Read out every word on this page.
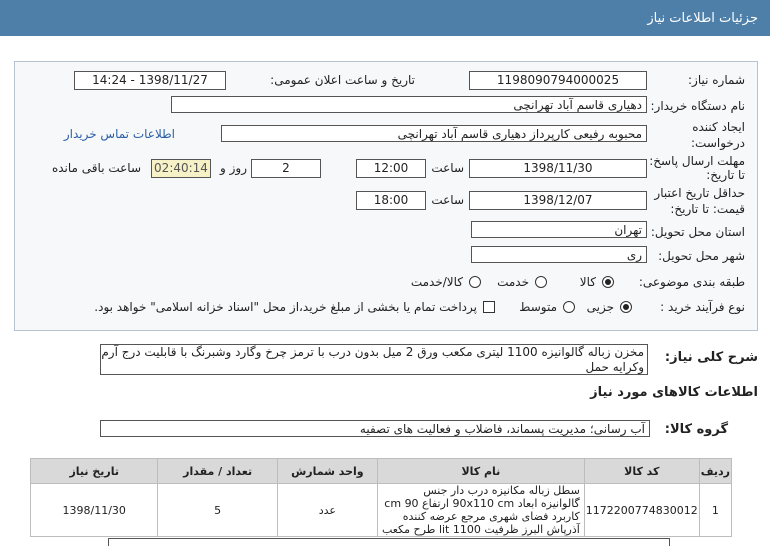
جزئیات اطلاعات نیاز
شماره نیاز:
1198090794000025
تاریخ و ساعت اعلان عمومی:
1398/11/27 - 14:24
نام دستگاه خریدار:
دهیاری قاسم آباد تهرانچی
ایجاد کننده
درخواست:
محبوبه رفیعی کارپرداز دهیاری قاسم آباد تهرانچی
اطلاعات تماس خریدار
مهلت ارسال پاسخ:
تا تاریخ:
1398/11/30
ساعت
12:00
2
روز و
02:40:14
ساعت باقی مانده
حداقل تاریخ اعتبار
قیمت: تا تاریخ:
1398/12/07
ساعت
18:00
استان محل تحویل:
تهران
شهر محل تحویل:
ری
طبقه بندی موضوعی:
کالا
خدمت
کالا/خدمت
نوع فرآیند خرید :
جزیی
متوسط
پرداخت تمام یا بخشی از مبلغ خرید،از محل "اسناد خزانه اسلامی" خواهد بود.
شرح کلی نیاز:
مخزن زباله گالوانیزه 1100 لیتری مکعب ورق 2 میل بدون درب با ترمز چرخ وگارد وشبرنگ با قابلیت درج آرم وکرایه حمل
اطلاعات کالاهای مورد نیاز
گروه کالا:
آب رسانی؛ مدیریت پسماند، فاضلاب و فعالیت های تصفیه
ردیف	کد کالا	نام کالا	واحد شمارش	تعداد / مقدار	تاریخ نیاز
1	1172200774830012	سطل زباله مکانیزه درب دار جنس گالوانیزه ابعاد 90x110 cm ارتفاع 90 cm کاربرد فضای شهری مرجع عرضه کننده آذرپاش البرز ظرفیت 1100 lit طرح مکعب	عدد	5	1398/11/30
